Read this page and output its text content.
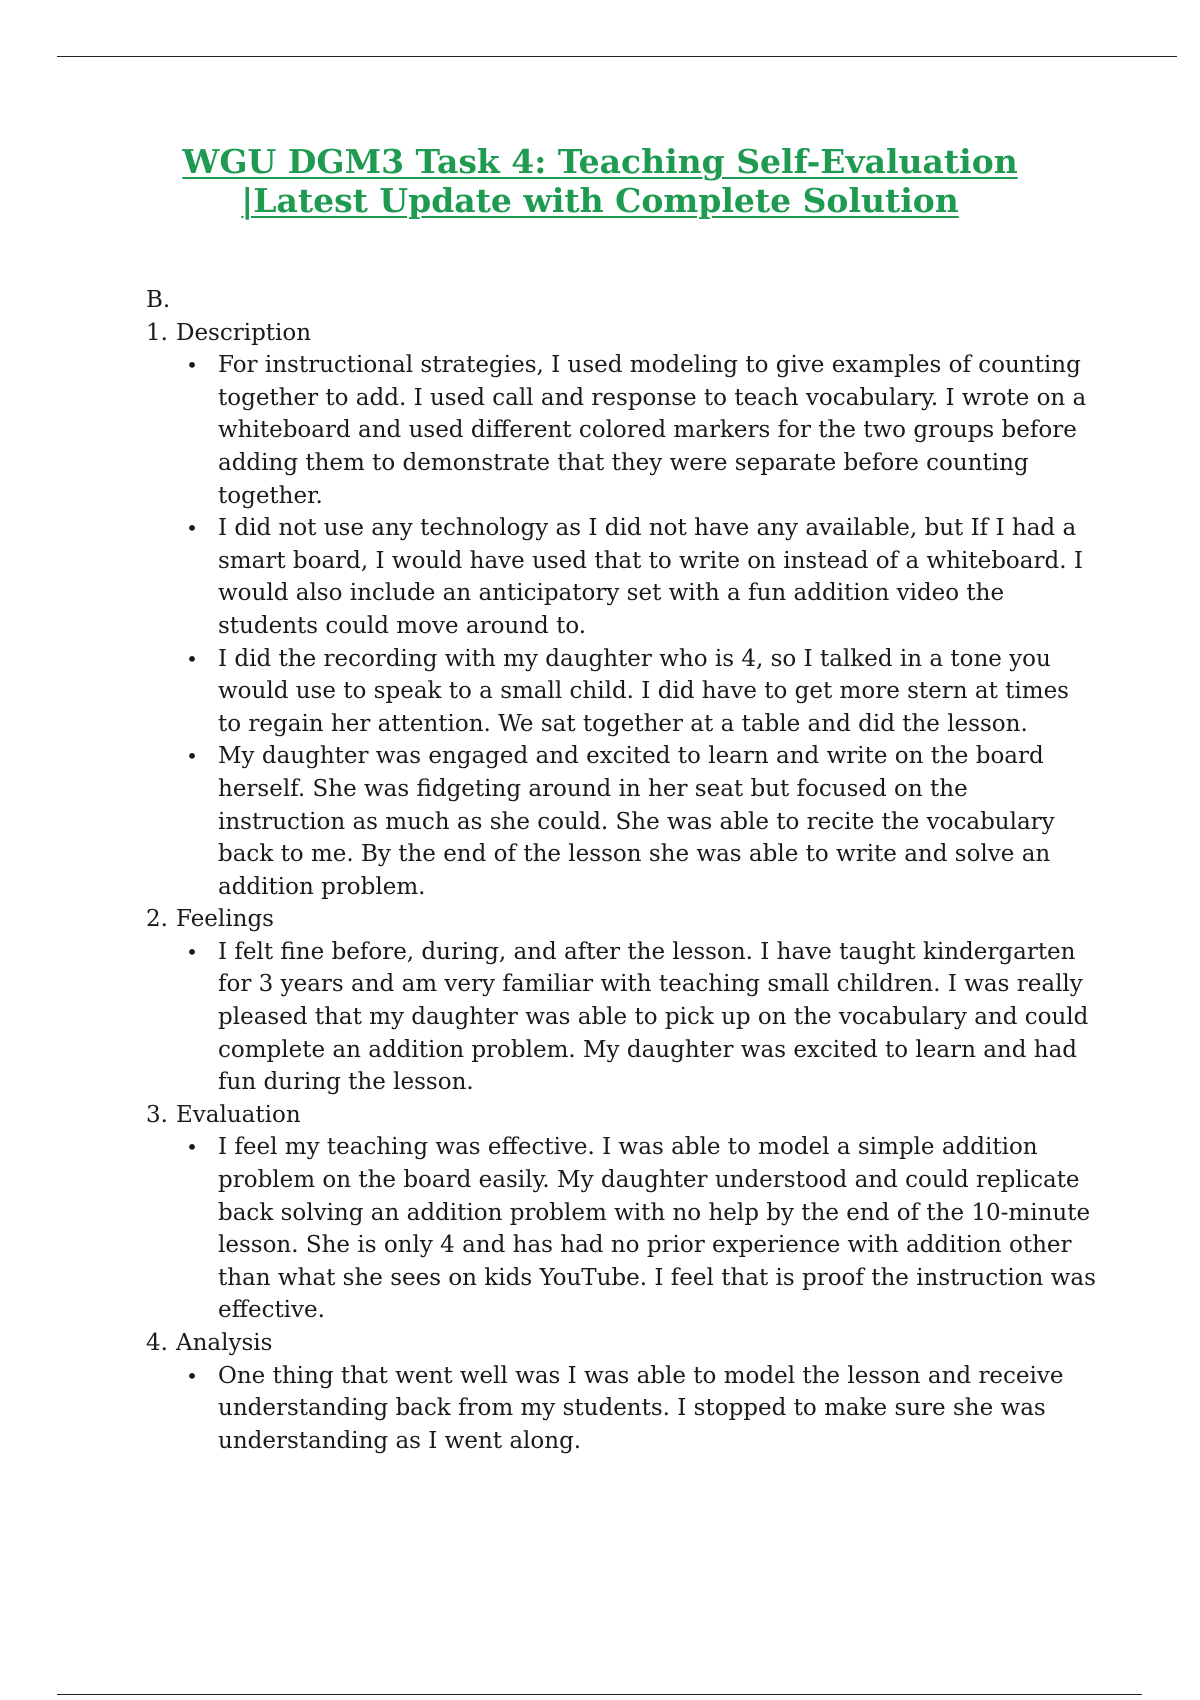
WGU DGM3 Task 4: Teaching Self-Evaluation
|Latest Update with Complete Solution

B.

1. Description
• For instructional strategies, I used modeling to give examples of counting together to add. I used call and response to teach vocabulary. I wrote on a whiteboard and used different colored markers for the two groups before adding them to demonstrate that they were separate before counting together.
• I did not use any technology as I did not have any available, but If I had a smart board, I would have used that to write on instead of a whiteboard. I would also include an anticipatory set with a fun addition video the students could move around to.
• I did the recording with my daughter who is 4, so I talked in a tone you would use to speak to a small child. I did have to get more stern at times to regain her attention. We sat together at a table and did the lesson.
• My daughter was engaged and excited to learn and write on the board herself. She was fidgeting around in her seat but focused on the instruction as much as she could. She was able to recite the vocabulary back to me. By the end of the lesson she was able to write and solve an addition problem.
2. Feelings
• I felt fine before, during, and after the lesson. I have taught kindergarten for 3 years and am very familiar with teaching small children. I was really pleased that my daughter was able to pick up on the vocabulary and could complete an addition problem. My daughter was excited to learn and had fun during the lesson.
3. Evaluation
• I feel my teaching was effective. I was able to model a simple addition problem on the board easily. My daughter understood and could replicate back solving an addition problem with no help by the end of the 10-minute lesson. She is only 4 and has had no prior experience with addition other than what she sees on kids YouTube. I feel that is proof the instruction was effective.
4. Analysis
• One thing that went well was I was able to model the lesson and receive understanding back from my students. I stopped to make sure she was understanding as I went along.
